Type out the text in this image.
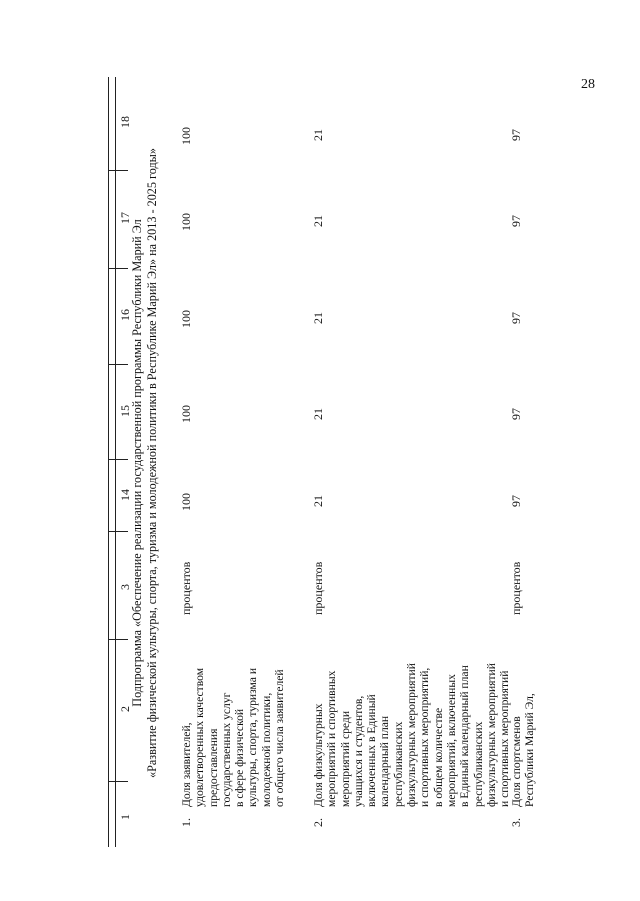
28
1
2
3
14
15
16
17
18
Подпрограмма «Обеспечение реализации государственной программы Республики Марий Эл «Развитие физической культуры, спорта, туризма и молодежной политики в Республике Марий Эл» на 2013 - 2025 годы»
1.
Доля заявителей, удовлетворенных качеством предоставления государственных услуг в сфере физической культуры, спорта, туризма и молодежной политики, от общего числа заявителей
процентов
100
100
100
100
100
2.
Доля физкультурных мероприятий и спортивных мероприятий среди учащихся и студентов, включенных в Единый календарный план республиканских физкультурных мероприятий и спортивных мероприятий, в общем количестве мероприятий, включенных в Единый календарный план республиканских физкультурных мероприятий и спортивных мероприятий
процентов
21
21
21
21
21
3.
Доля спортсменов Республики Марий Эл,
процентов
97
97
97
97
97
